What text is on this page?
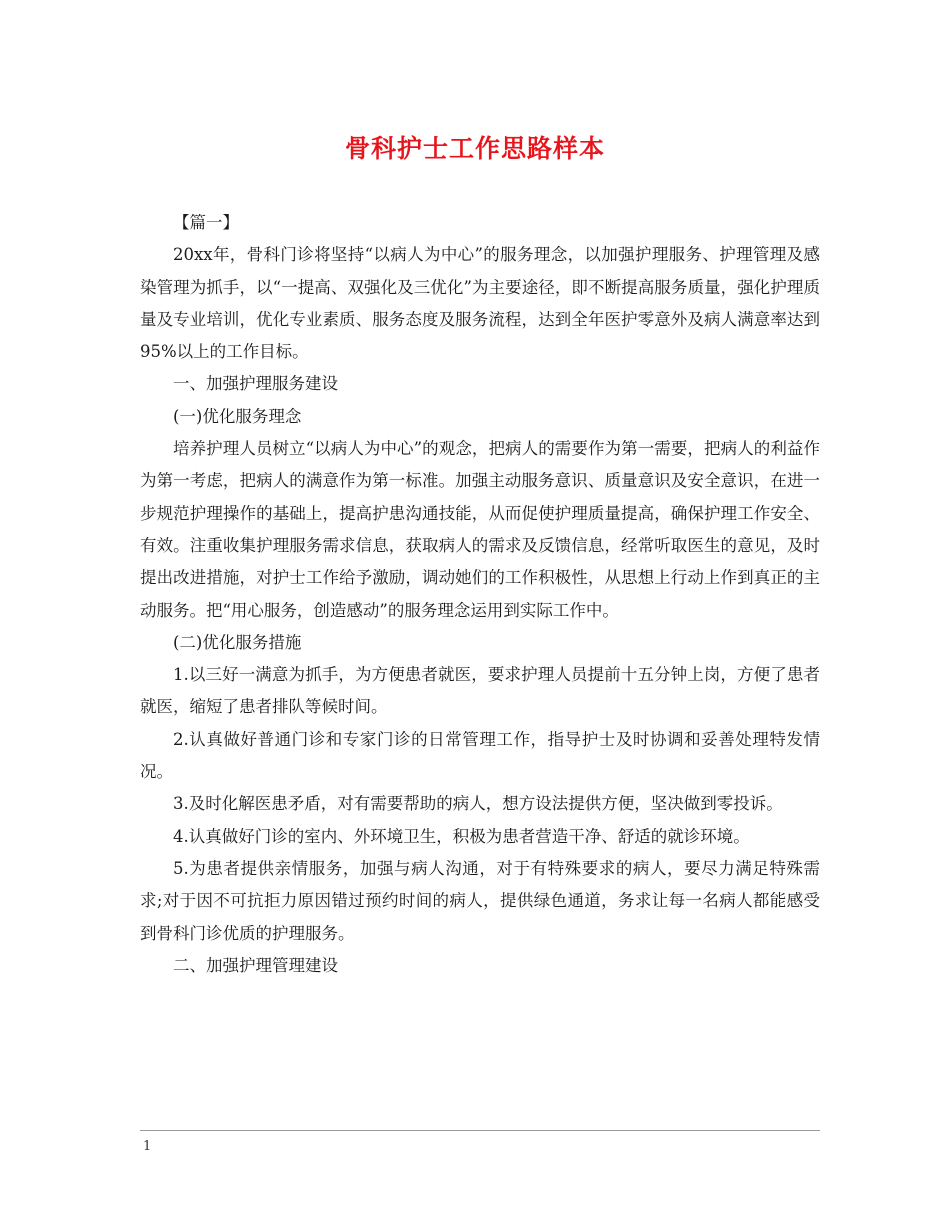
骨科护士工作思路样本

【篇一】

20xx年，骨科门诊将坚持“以病人为中心”的服务理念，以加强护理服务、护理管理及感染管理为抓手，以“一提高、双强化及三优化”为主要途径，即不断提高服务质量，强化护理质量及专业培训，优化专业素质、服务态度及服务流程，达到全年医护零意外及病人满意率达到95%以上的工作目标。

一、加强护理服务建设

(一)优化服务理念

培养护理人员树立“以病人为中心”的观念，把病人的需要作为第一需要，把病人的利益作为第一考虑，把病人的满意作为第一标准。加强主动服务意识、质量意识及安全意识，在进一步规范护理操作的基础上，提高护患沟通技能，从而促使护理质量提高，确保护理工作安全、有效。注重收集护理服务需求信息，获取病人的需求及反馈信息，经常听取医生的意见，及时提出改进措施，对护士工作给予激励，调动她们的工作积极性，从思想上行动上作到真正的主动服务。把“用心服务，创造感动”的服务理念运用到实际工作中。

(二)优化服务措施

1.以三好一满意为抓手，为方便患者就医，要求护理人员提前十五分钟上岗，方便了患者就医，缩短了患者排队等候时间。

2.认真做好普通门诊和专家门诊的日常管理工作，指导护士及时协调和妥善处理特发情况。

3.及时化解医患矛盾，对有需要帮助的病人，想方设法提供方便，坚决做到零投诉。

4.认真做好门诊的室内、外环境卫生，积极为患者营造干净、舒适的就诊环境。

5.为患者提供亲情服务，加强与病人沟通，对于有特殊要求的病人，要尽力满足特殊需求;对于因不可抗拒力原因错过预约时间的病人，提供绿色通道，务求让每一名病人都能感受到骨科门诊优质的护理服务。

二、加强护理管理建设

1
